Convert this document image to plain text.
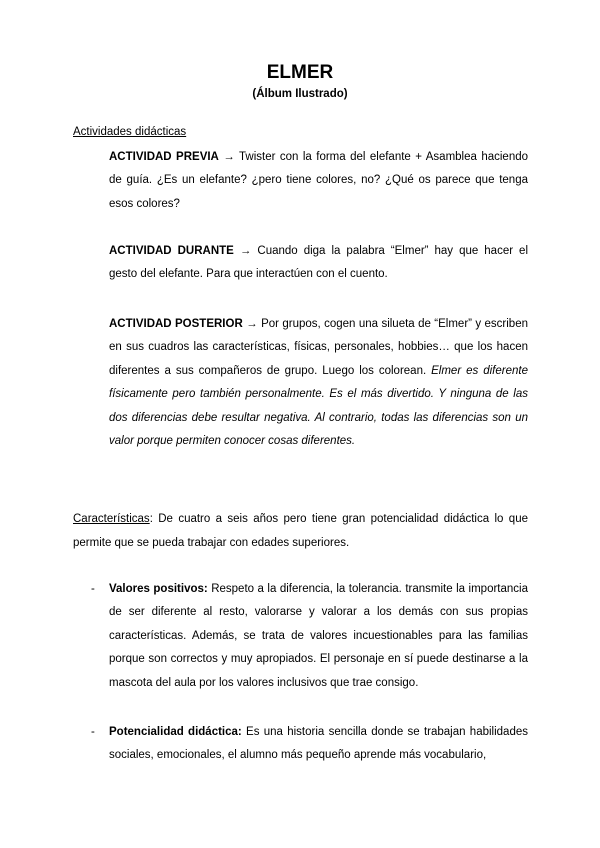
ELMER
(Álbum Ilustrado)
Actividades didácticas
ACTIVIDAD PREVIA → Twister con la forma del elefante + Asamblea haciendo de guía. ¿Es un elefante? ¿pero tiene colores, no? ¿Qué os parece que tenga esos colores?
ACTIVIDAD DURANTE → Cuando diga la palabra “Elmer” hay que hacer el gesto del elefante. Para que interactúen con el cuento.
ACTIVIDAD POSTERIOR → Por grupos, cogen una silueta de “Elmer” y escriben en sus cuadros las características, físicas, personales, hobbies… que los hacen diferentes a sus compañeros de grupo. Luego los colorean. Elmer es diferente físicamente pero también personalmente. Es el más divertido. Y ninguna de las dos diferencias debe resultar negativa. Al contrario, todas las diferencias son un valor porque permiten conocer cosas diferentes.
Características: De cuatro a seis años pero tiene gran potencialidad didáctica lo que permite que se pueda trabajar con edades superiores.
- Valores positivos: Respeto a la diferencia, la tolerancia. transmite la importancia de ser diferente al resto, valorarse y valorar a los demás con sus propias características. Además, se trata de valores incuestionables para las familias porque son correctos y muy apropiados. El personaje en sí puede destinarse a la mascota del aula por los valores inclusivos que trae consigo.
- Potencialidad didáctica: Es una historia sencilla donde se trabajan habilidades sociales, emocionales, el alumno más pequeño aprende más vocabulario,
